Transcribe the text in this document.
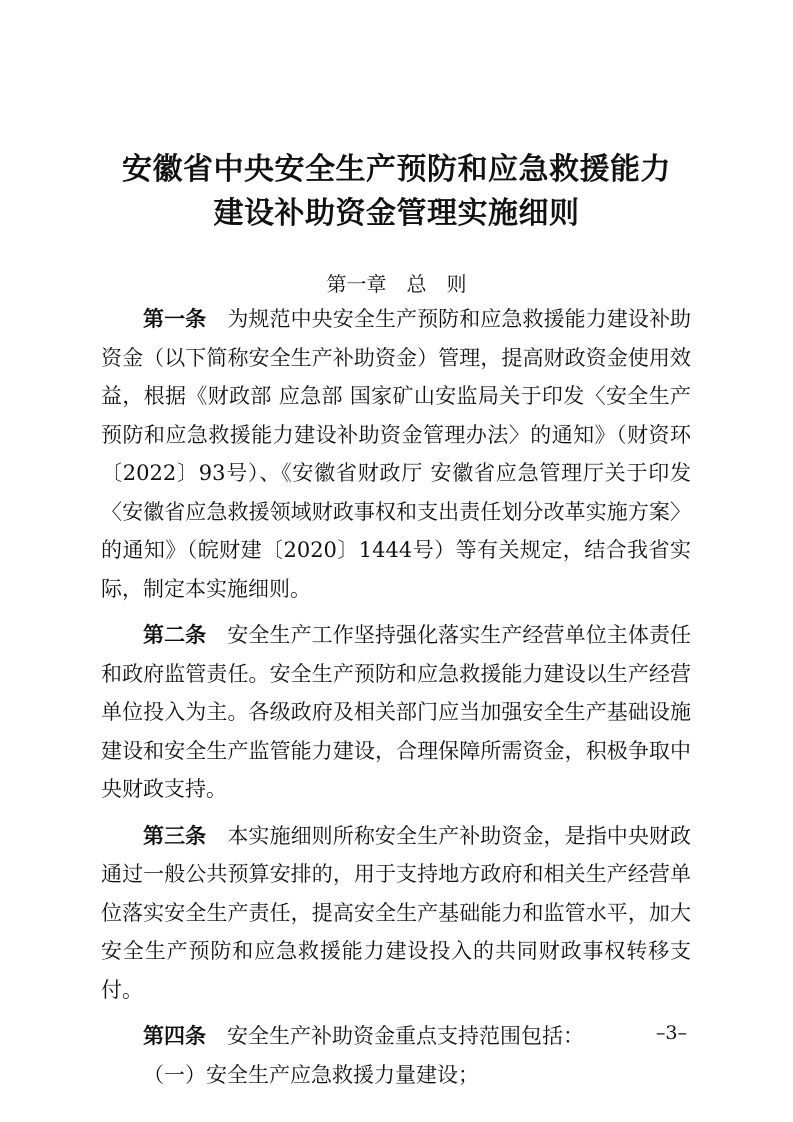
安徽省中央安全生产预防和应急救援能力
建设补助资金管理实施细则
第一章 总　则

第一条　 为规范中央安全生产预防和应急救援能力建设补助资金（以下简称安全生产补助资金）管理，提高财政资金使用效益，根据《财政部 应急部 国家矿山安监局关于印发〈安全生产预防和应急救援能力建设补助资金管理办法〉的通知》（财资环〔2022〕93号）、《安徽省财政厅 安徽省应急管理厅关于印发〈安徽省应急救援领域财政事权和支出责任划分改革实施方案〉的通知》（皖财建〔2020〕1444号）等有关规定，结合我省实际，制定本实施细则。

第二条　 安全生产工作坚持强化落实生产经营单位主体责任和政府监管责任。安全生产预防和应急救援能力建设以生产经营单位投入为主。各级政府及相关部门应当加强安全生产基础设施建设和安全生产监管能力建设，合理保障所需资金，积极争取中央财政支持。

第三条　 本实施细则所称安全生产补助资金，是指中央财政通过一般公共预算安排的，用于支持地方政府和相关生产经营单位落实安全生产责任，提高安全生产基础能力和监管水平，加大安全生产预防和应急救援能力建设投入的共同财政事权转移支付。

第四条　 安全生产补助资金重点支持范围包括：

（一）安全生产应急救援力量建设；

–3–
